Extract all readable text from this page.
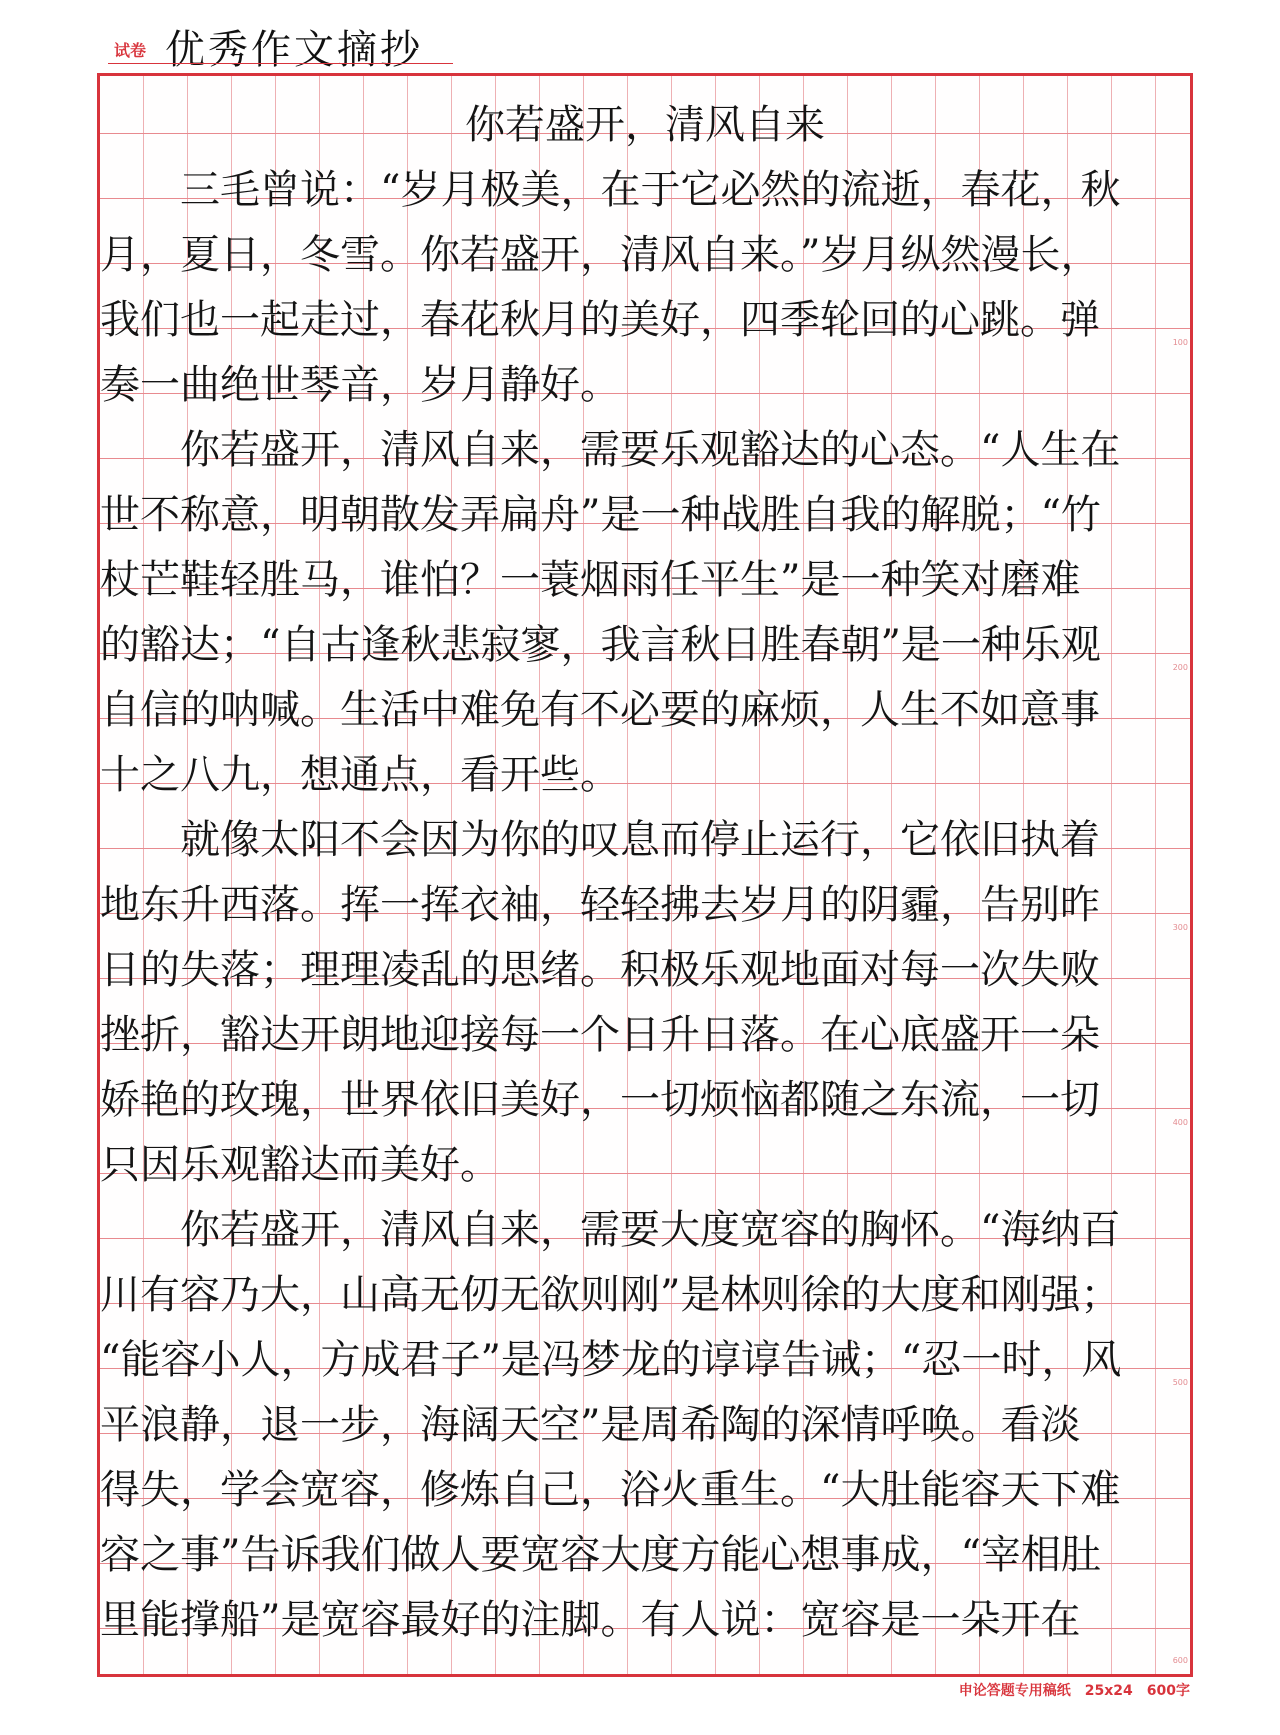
试卷 优秀作文摘抄
你若盛开，清风自来
　　三毛曾说：“岁月极美，在于它必然的流逝，春花，秋
月，夏日，冬雪。你若盛开，清风自来。”岁月纵然漫长，
我们也一起走过，春花秋月的美好，四季轮回的心跳。弹
奏一曲绝世琴音，岁月静好。
　　你若盛开，清风自来，需要乐观豁达的心态。“人生在
世不称意，明朝散发弄扁舟”是一种战胜自我的解脱；“竹
杖芒鞋轻胜马，谁怕？一蓑烟雨任平生”是一种笑对磨难
的豁达；“自古逢秋悲寂寥，我言秋日胜春朝”是一种乐观
自信的呐喊。生活中难免有不必要的麻烦，人生不如意事
十之八九，想通点，看开些。
　　就像太阳不会因为你的叹息而停止运行，它依旧执着
地东升西落。挥一挥衣袖，轻轻拂去岁月的阴霾，告别昨
日的失落；理理凌乱的思绪。积极乐观地面对每一次失败
挫折，豁达开朗地迎接每一个日升日落。在心底盛开一朵
娇艳的玫瑰，世界依旧美好，一切烦恼都随之东流，一切
只因乐观豁达而美好。
　　你若盛开，清风自来，需要大度宽容的胸怀。“海纳百
川有容乃大，山高无仞无欲则刚”是林则徐的大度和刚强；
“能容小人，方成君子”是冯梦龙的谆谆告诫；“忍一时，风
平浪静，退一步，海阔天空”是周希陶的深情呼唤。看淡
得失，学会宽容，修炼自己，浴火重生。“大肚能容天下难
容之事”告诉我们做人要宽容大度方能心想事成，“宰相肚
里能撑船”是宽容最好的注脚。有人说：宽容是一朵开在
100
200
300
400
500
600
申论答题专用稿纸　25x24　600字
